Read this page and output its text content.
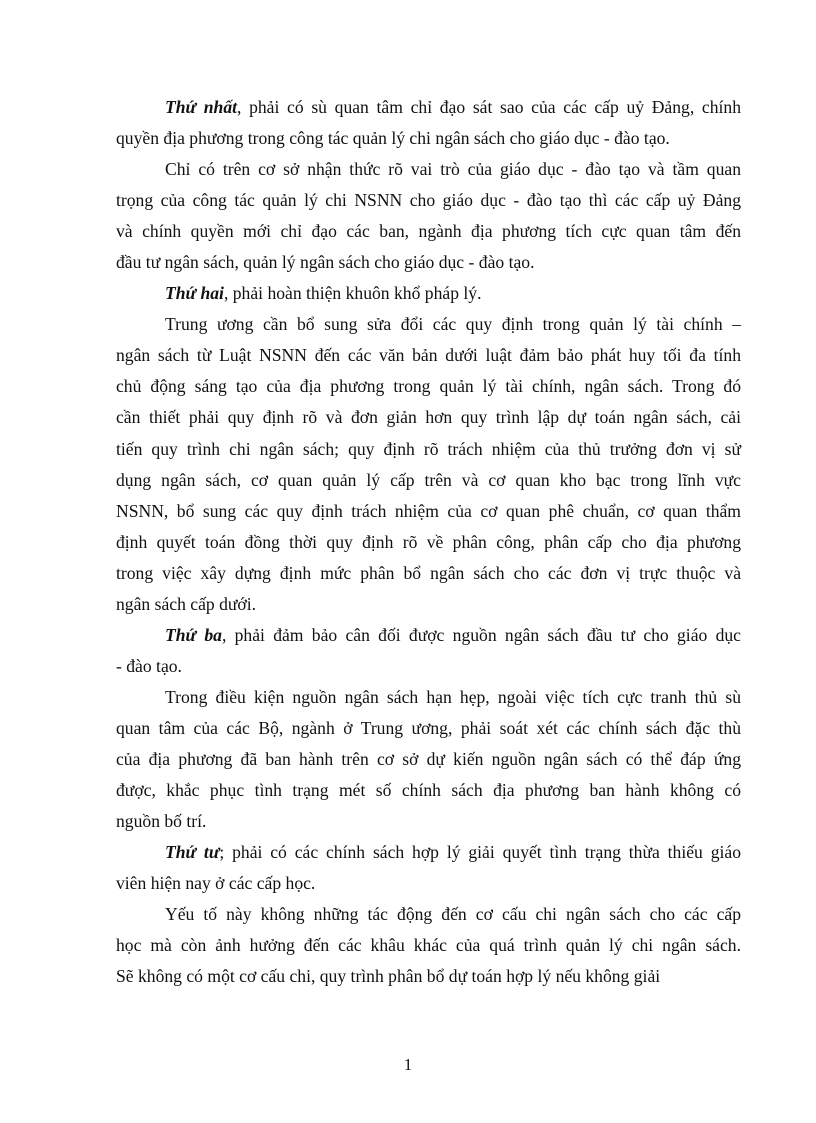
Thứ nhất, phải có sù quan tâm chỉ đạo sát sao của các cấp uỷ Đảng, chính
quyền địa phương trong công tác quản lý chi ngân sách cho giáo dục - đào tạo.
Chỉ có trên cơ sở nhận thức rõ vai trò của giáo dục - đào tạo và tầm quan
trọng của công tác quản lý chi NSNN cho giáo dục - đào tạo thì các cấp uỷ Đảng
và chính quyền mới chỉ đạo các ban, ngành địa phương tích cực quan tâm đến
đầu tư ngân sách, quản lý ngân sách cho giáo dục - đào tạo.
Thứ hai, phải hoàn thiện khuôn khổ pháp lý.
Trung ương cần bổ sung sửa đổi các quy định trong quản lý tài chính –
ngân sách từ Luật NSNN đến các văn bản dưới luật đảm bảo phát huy tối đa tính
chủ động sáng tạo của địa phương trong quản lý tài chính, ngân sách. Trong đó
cần thiết phải quy định rõ và đơn giản hơn quy trình lập dự toán ngân sách, cải
tiến quy trình chi ngân sách; quy định rõ trách nhiệm của thủ trưởng đơn vị sử
dụng ngân sách, cơ quan quản lý cấp trên và cơ quan kho bạc trong lĩnh vực
NSNN, bổ sung các quy định trách nhiệm của cơ quan phê chuẩn, cơ quan thẩm
định quyết toán đồng thời quy định rõ về phân công, phân cấp cho địa phương
trong việc xây dựng định mức phân bổ ngân sách cho các đơn vị trực thuộc và
ngân sách cấp dưới.
Thứ ba, phải đảm bảo cân đối được nguồn ngân sách đầu tư cho giáo dục
- đào tạo.
Trong điều kiện nguồn ngân sách hạn hẹp, ngoài việc tích cực tranh thủ sù
quan tâm của các Bộ, ngành ở Trung ương, phải soát xét các chính sách đặc thù
của địa phương đã ban hành trên cơ sở dự kiến nguồn ngân sách có thể đáp ứng
được, khắc phục tình trạng mét số chính sách địa phương ban hành không có
nguồn bố trí.
Thứ tư; phải có các chính sách hợp lý giải quyết tình trạng thừa thiếu giáo
viên hiện nay ở các cấp học.
Yếu tố này không những tác động đến cơ cấu chi ngân sách cho các cấp
học mà còn ảnh hưởng đến các khâu khác của quá trình quản lý chi ngân sách.
Sẽ không có một cơ cấu chi, quy trình phân bổ dự toán hợp lý nếu không giải
1
